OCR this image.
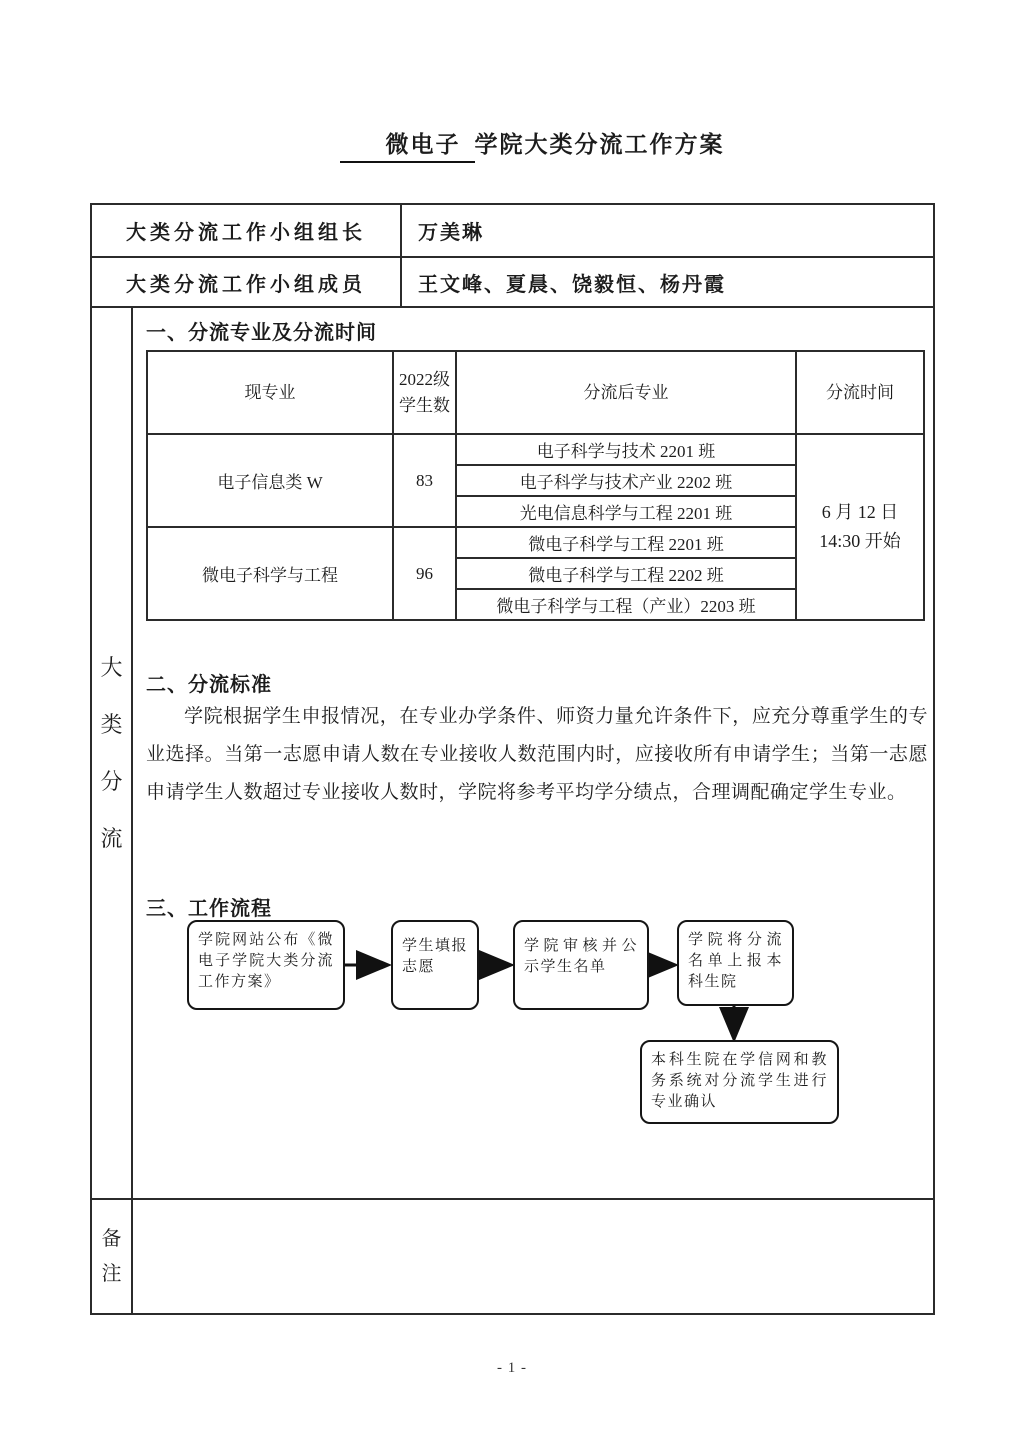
微电子 学院大类分流工作方案
大类分流工作小组组长	万美琳
大类分流工作小组成员	王文峰、夏晨、饶毅恒、杨丹霞
大类分流
一、分流专业及分流时间
现专业	2022级学生数	分流后专业	分流时间
电子信息类 W	83	电子科学与技术 2201 班	6 月 12 日
14:30 开始

		电子科学与技术产业 2202 班	
		光电信息科学与工程 2201 班	
微电子科学与工程	96	微电子科学与工程 2201 班	
		微电子科学与工程 2202 班	
		微电子科学与工程（产业）2203 班	
二、分流标准
学院根据学生申报情况，在专业办学条件、师资力量允许条件下，应充分尊重学生的专业选择。当第一志愿申请人数在专业接收人数范围内时，应接收所有申请学生；当第一志愿申请学生人数超过专业接收人数时，学院将参考平均学分绩点，合理调配确定学生专业。
三、工作流程
学院网站公布《微电子学院大类分流工作方案》
学生填报志愿
学院审核并公示学生名单
学院将分流名单上报本科生院
本科生院在学信网和教务系统对分流学生进行专业确认
备注
- 1 -
